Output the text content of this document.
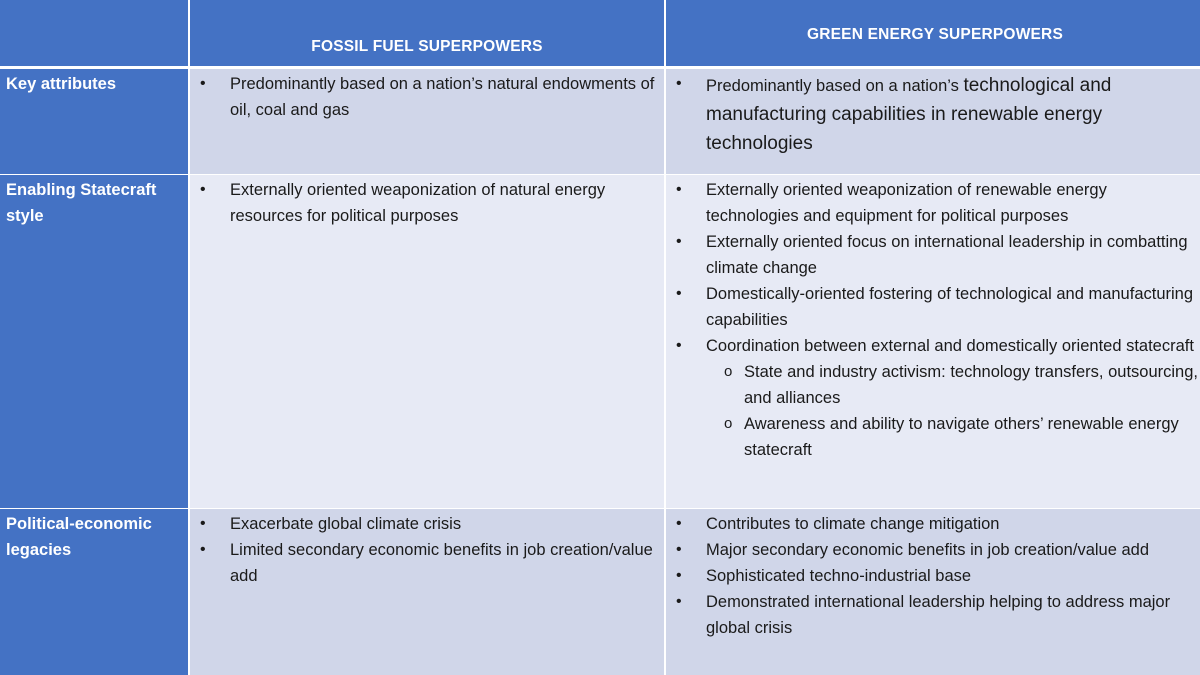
FOSSIL FUEL SUPERPOWERS
GREEN ENERGY SUPERPOWERS
Key attributes
•	Predominantly based on a nation’s natural endowments of oil, coal and gas
• Predominantly based on a nation’s technological and manufacturing capabilities in renewable energy technologies
Enabling Statecraft style
• Externally oriented weaponization of natural energy resources for political purposes
• Externally oriented weaponization of renewable energy technologies and equipment for political purposes
• Externally oriented focus on international leadership in combatting climate change
• Domestically-oriented fostering of technological and manufacturing capabilities
• Coordination between external and domestically oriented statecraft
o State and industry activism: technology transfers, outsourcing, and alliances
o Awareness and ability to navigate others’ renewable energy statecraft
Political-economic legacies
• Exacerbate global climate crisis
• Limited secondary economic benefits in job creation/value add
• Contributes to climate change mitigation
• Major secondary economic benefits in job creation/value add
• Sophisticated techno-industrial base
• Demonstrated international leadership helping to address major global crisis
